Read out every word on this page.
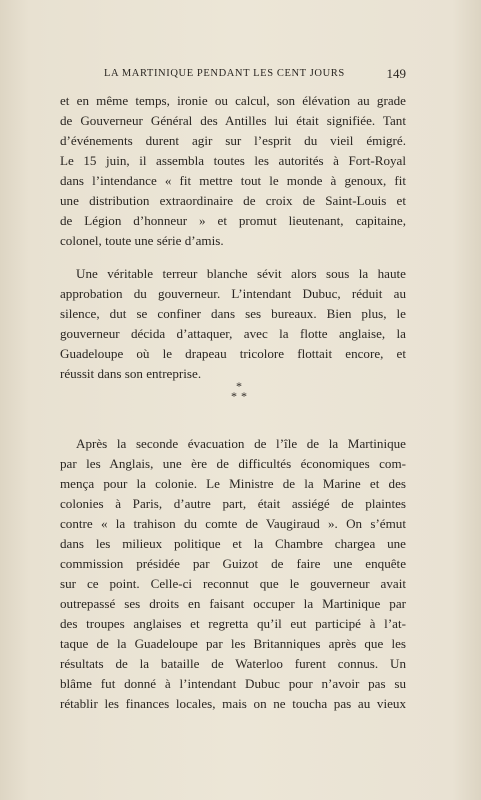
LA MARTINIQUE PENDANT LES CENT JOURS	149
et en même temps, ironie ou calcul, son élévation au grade
de Gouverneur Général des Antilles lui était signifiée. Tant
d’événements durent agir sur l’esprit du vieil émigré.
Le 15 juin, il assembla toutes les autorités à Fort-Royal
dans l’intendance « fit mettre tout le monde à genoux, fit
une distribution extraordinaire de croix de Saint-Louis et
de Légion d’honneur » et promut lieutenant, capitaine,
colonel, toute une série d’amis.
Une véritable terreur blanche sévit alors sous la haute
approbation du gouverneur. L’intendant Dubuc, réduit au
silence, dut se confiner dans ses bureaux. Bien plus, le
gouverneur décida d’attaquer, avec la flotte anglaise, la
Guadeloupe où le drapeau tricolore flottait encore, et
réussit dans son entreprise.
*
**
Après la seconde évacuation de l’île de la Martinique
par les Anglais, une ère de difficultés économiques com-
mença pour la colonie. Le Ministre de la Marine et des
colonies à Paris, d’autre part, était assiégé de plaintes
contre « la trahison du comte de Vaugiraud ». On s’émut
dans les milieux politique et la Chambre chargea une
commission présidée par Guizot de faire une enquête
sur ce point. Celle-ci reconnut que le gouverneur avait
outrepassé ses droits en faisant occuper la Martinique par
des troupes anglaises et regretta qu’il eut participé à l’at-
taque de la Guadeloupe par les Britanniques après que les
résultats de la bataille de Waterloo furent connus. Un
blâme fut donné à l’intendant Dubuc pour n’avoir pas su
rétablir les finances locales, mais on ne toucha pas au vieux
